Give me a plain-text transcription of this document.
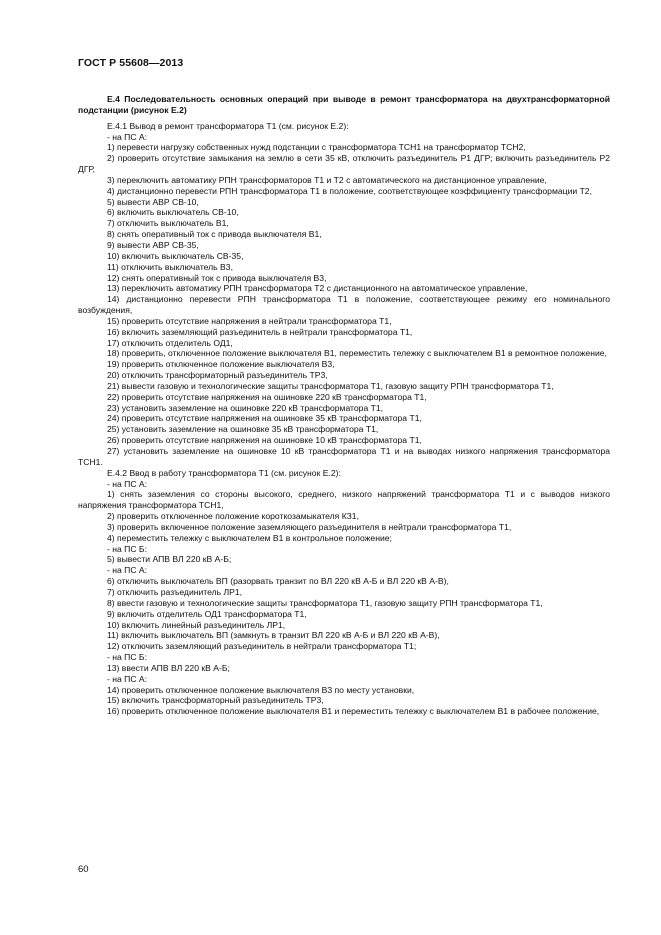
ГОСТ Р 55608—2013
Е.4 Последовательность основных операций при выводе в ремонт трансформатора на двухтрансформаторной подстанции (рисунок Е.2)

Е.4.1 Вывод в ремонт трансформатора Т1 (см. рисунок Е.2):

- на ПС А:

1) перевести нагрузку собственных нужд подстанции с трансформатора ТСН1 на трансформатор ТСН2,

2) проверить отсутствие замыкания на землю в сети 35 кВ, отключить разъединитель Р1 ДГР; включить разъединитель Р2 ДГР,

3) переключить автоматику РПН трансформаторов Т1 и Т2 с автоматического на дистанционное управление,

4) дистанционно перевести РПН трансформатора Т1 в положение, соответствующее коэффициенту трансформации Т2,

5) вывести АВР СВ-10,

6) включить выключатель СВ-10,

7) отключить выключатель В1,

8) снять оперативный ток с привода выключателя В1,

9) вывести АВР СВ-35,

10) включить выключатель СВ-35,

11) отключить выключатель В3,

12) снять оперативный ток с привода выключателя В3,

13) переключить автоматику РПН трансформатора Т2 с дистанционного на автоматическое управление,

14) дистанционно перевести РПН трансформатора Т1 в положение, соответствующее режиму его номинального возбуждения,

15) проверить отсутствие напряжения в нейтрали трансформатора Т1,

16) включить заземляющий разъединитель в нейтрали трансформатора Т1,

17) отключить отделитель ОД1,

18) проверить, отключенное положение выключателя В1, переместить тележку с выключателем В1 в ремонтное положение,

19) проверить отключенное положение выключателя В3,

20) отключить трансформаторный разъединитель ТР3,

21) вывести газовую и технологические защиты трансформатора Т1, газовую защиту РПН трансформатора Т1,

22) проверить отсутствие напряжения на ошиновке 220 кВ трансформатора Т1,

23) установить заземление на ошиновке 220 кВ трансформатора Т1,

24) проверить отсутствие напряжения на ошиновке 35 кВ трансформатора Т1,

25) установить заземление на ошиновке 35 кВ трансформатора Т1,

26) проверить отсутствие напряжения на ошиновке 10 кВ трансформатора Т1,

27) установить заземление на ошиновке 10 кВ трансформатора Т1 и на выводах низкого напряжения трансформатора ТСН1.

Е.4.2 Ввод в работу трансформатора Т1 (см. рисунок Е.2):

- на ПС А:

1) снять заземления со стороны высокого, среднего, низкого напряжений трансформатора Т1 и с выводов низкого напряжения трансформатора ТСН1,

2) проверить отключенное положение короткозамыкателя КЗ1,

3) проверить включенное положение заземляющего разъединителя в нейтрали трансформатора Т1,

4) переместить тележку с выключателем В1 в контрольное положение;

- на ПС Б:

5) вывести АПВ ВЛ 220 кВ А-Б;

- на ПС А:

6) отключить выключатель ВП (разорвать транзит по ВЛ 220 кВ А-Б и ВЛ 220 кВ А-В),

7) отключить разъединитель ЛР1,

8) ввести газовую и технологические защиты трансформатора Т1, газовую защиту РПН трансформатора Т1,

9) включить отделитель ОД1 трансформатора Т1,

10) включить линейный разъединитель ЛР1,

11) включить выключатель ВП (замкнуть в транзит ВЛ 220 кВ А-Б и ВЛ 220 кВ А-В),

12) отключить заземляющий разъединитель в нейтрали трансформатора Т1;

- на ПС Б:

13) ввести АПВ ВЛ 220 кВ А-Б;

- на ПС А:

14) проверить отключенное положение выключателя В3 по месту установки,

15) включить трансформаторный разъединитель ТР3,

16) проверить отключенное положение выключателя В1 и переместить тележку с выключателем В1 в рабочее положение,

60
